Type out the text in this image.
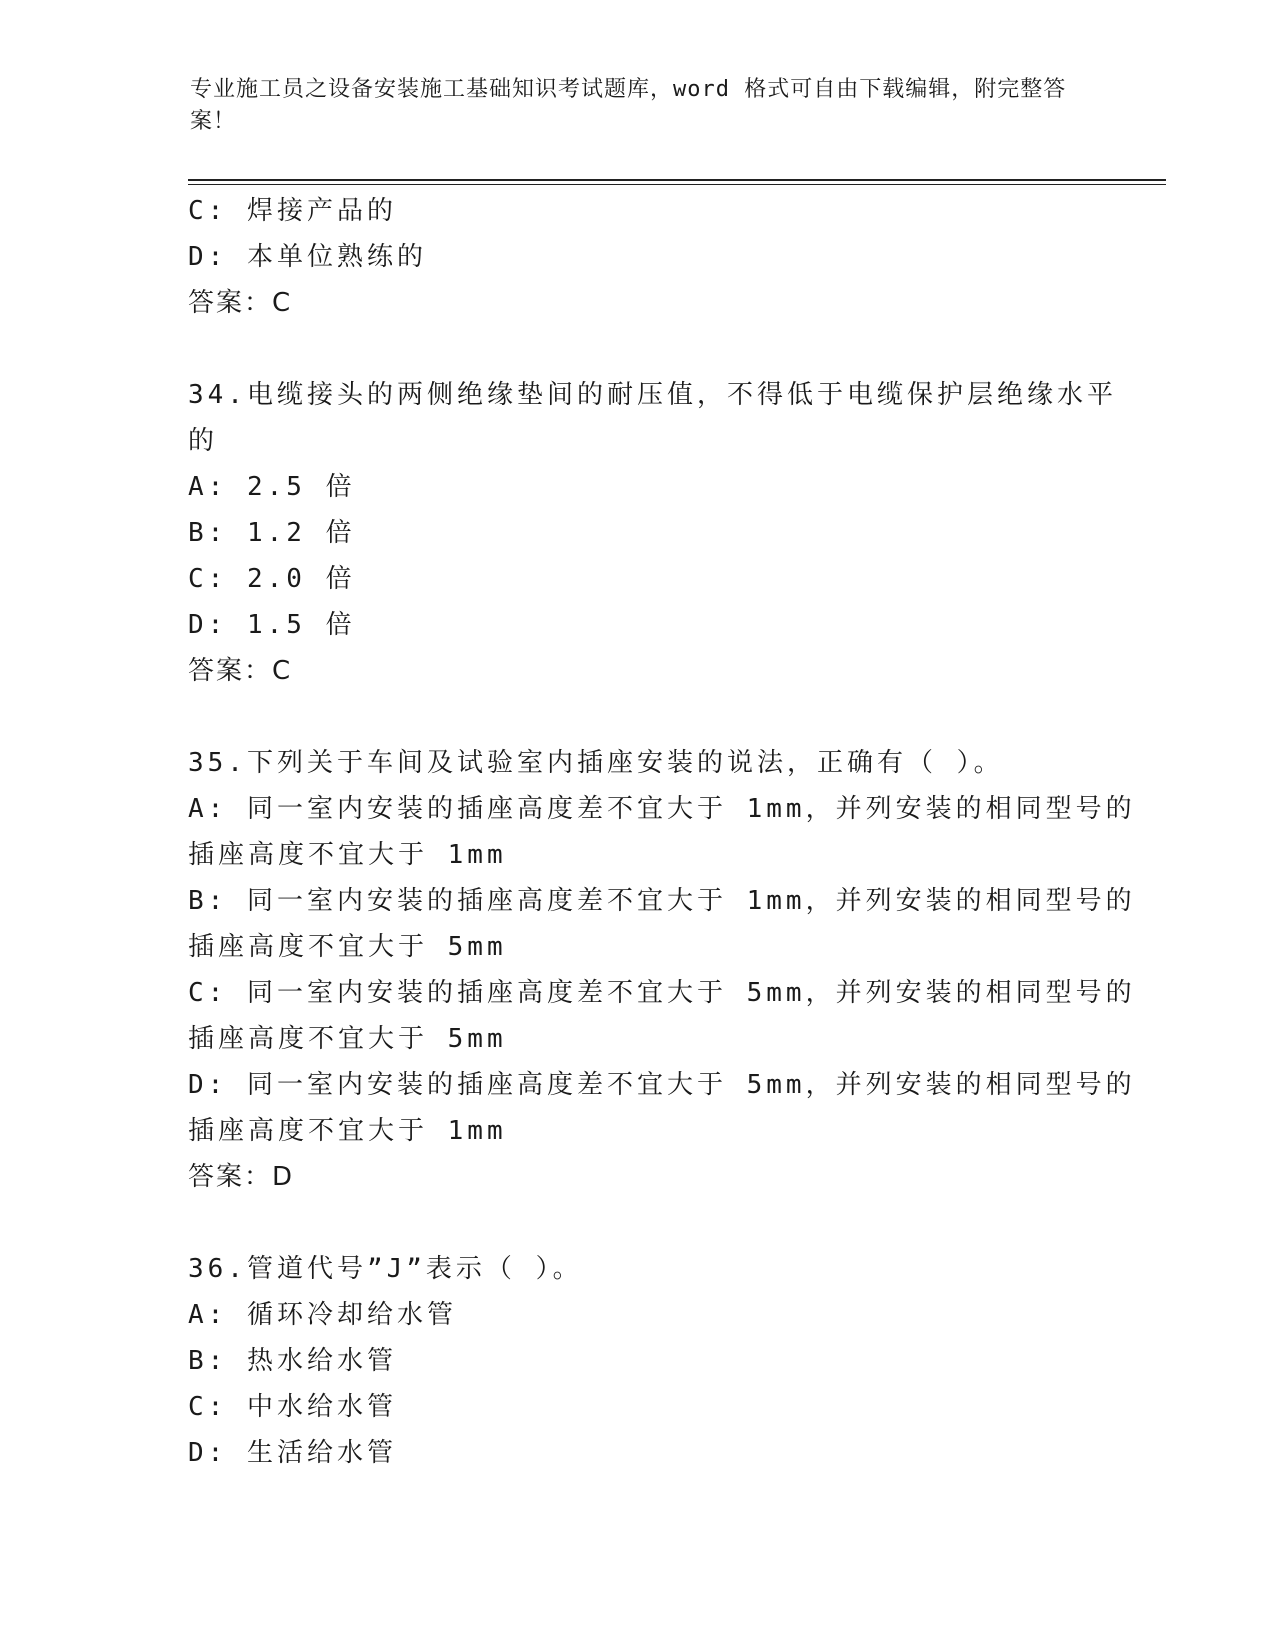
专业施工员之设备安装施工基础知识考试题库，word 格式可自由下载编辑，附完整答案！
C: 焊接产品的
D: 本单位熟练的
答案：C
34.电缆接头的两侧绝缘垫间的耐压值，不得低于电缆保护层绝缘水平
的
A: 2.5 倍
B: 1.2 倍
C: 2.0 倍
D: 1.5 倍
答案：C
35.下列关于车间及试验室内插座安装的说法，正确有（ ）。
A: 同一室内安装的插座高度差不宜大于 1mm，并列安装的相同型号的
插座高度不宜大于 1mm
B: 同一室内安装的插座高度差不宜大于 1mm，并列安装的相同型号的
插座高度不宜大于 5mm
C: 同一室内安装的插座高度差不宜大于 5mm，并列安装的相同型号的
插座高度不宜大于 5mm
D: 同一室内安装的插座高度差不宜大于 5mm，并列安装的相同型号的
插座高度不宜大于 1mm
答案：D
36.管道代号”J”表示（ ）。
A: 循环冷却给水管
B: 热水给水管
C: 中水给水管
D: 生活给水管
